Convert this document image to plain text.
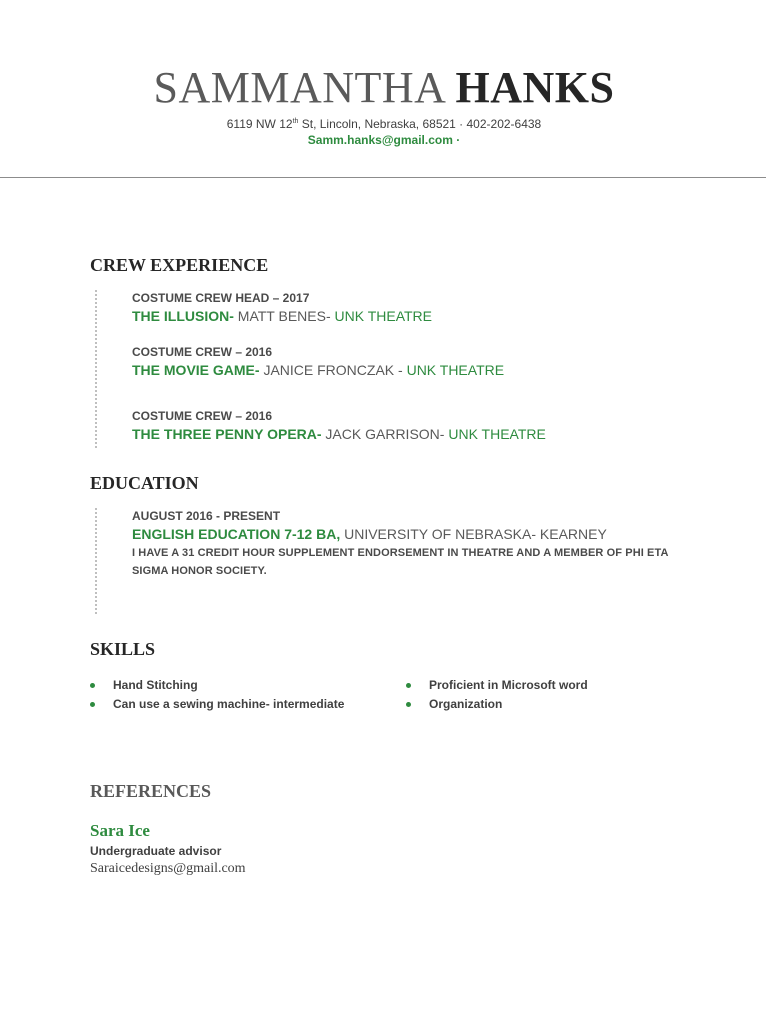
SAMMANTHA HANKS
6119 NW 12th St, Lincoln, Nebraska, 68521 · 402-202-6438
Samm.hanks@gmail.com ·
CREW EXPERIENCE
COSTUME CREW HEAD – 2017
THE ILLUSION- MATT BENES- UNK THEATRE
COSTUME CREW – 2016
THE MOVIE GAME- JANICE FRONCZAK - UNK THEATRE
COSTUME CREW – 2016
THE THREE PENNY OPERA- JACK GARRISON- UNK THEATRE
EDUCATION
AUGUST 2016 - PRESENT
ENGLISH EDUCATION 7-12 BA, UNIVERSITY OF NEBRASKA- KEARNEY
I HAVE A 31 CREDIT HOUR SUPPLEMENT ENDORSEMENT IN THEATRE AND A MEMBER OF PHI ETA SIGMA HONOR SOCIETY.
SKILLS
Hand Stitching
Can use a sewing machine- intermediate
Proficient in Microsoft word
Organization
REFERENCES
Sara Ice
Undergraduate advisor
Saraicedesigns@gmail.com
